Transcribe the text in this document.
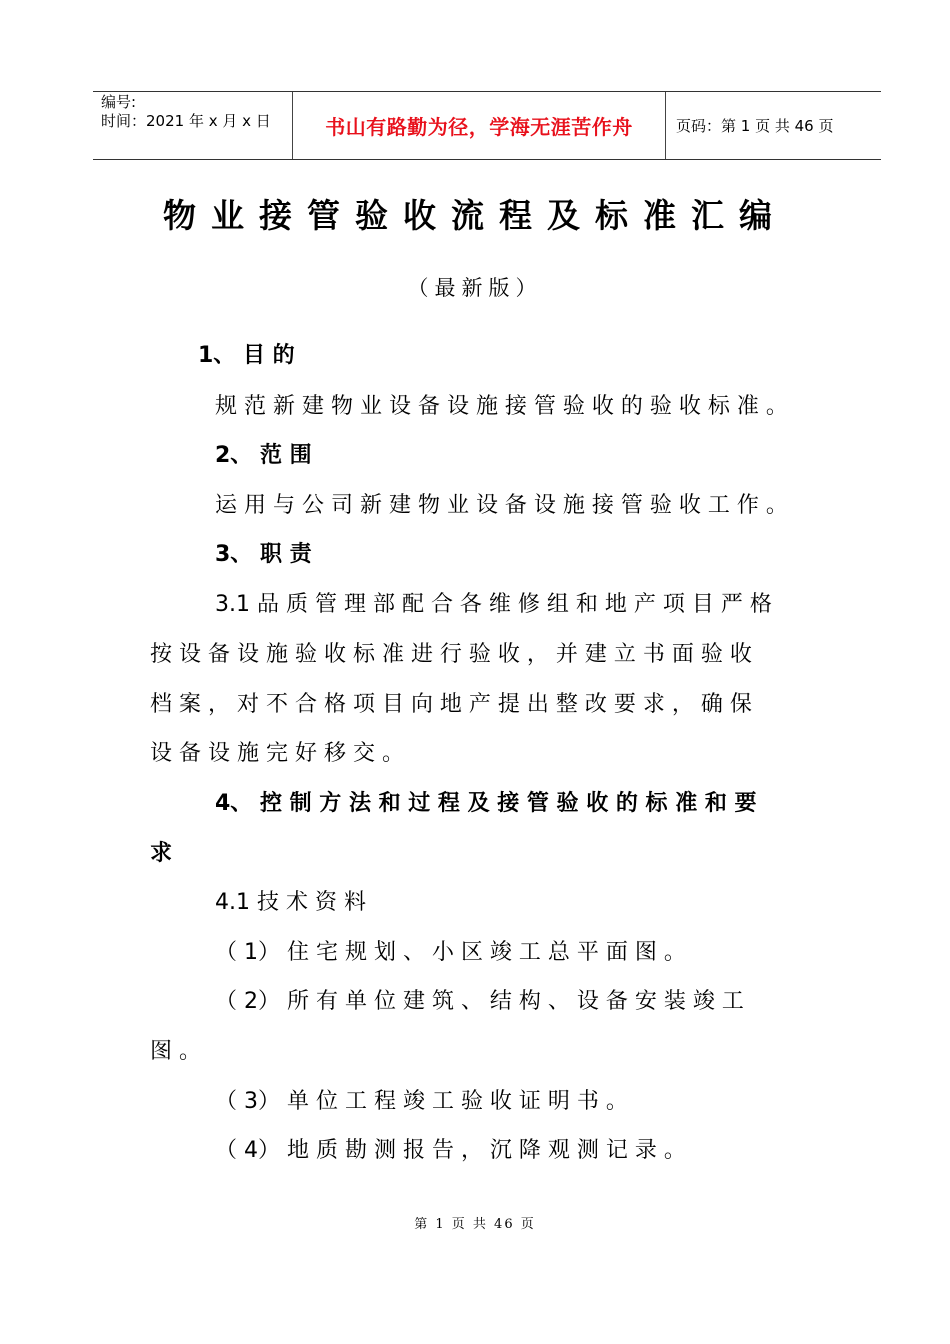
编号:
时间：2021 年 x 月 x 日	书山有路勤为径，学海无涯苦作舟	页码：第 1 页 共 46 页
物业接管验收流程及标准汇编
（最新版）
1、 目 的
规 范 新 建 物 业 设 备 设 施 接 管 验 收 的 验 收 标 准 。
2、 范 围
运 用 与 公 司 新 建 物 业 设 备 设 施 接 管 验 收 工 作 。
3、 职 责
3.1 品 质 管 理 部 配 合 各 维 修 组 和 地 产 项 目 严 格
按 设 备 设 施 验 收 标 准 进 行 验 收 ， 并 建 立 书 面 验 收
档 案 ， 对 不 合 格 项 目 向 地 产 提 出 整 改 要 求 ， 确 保
设 备 设 施 完 好 移 交 。
4、 控 制 方 法 和 过 程 及 接 管 验 收 的 标 准 和 要
求
4.1 技 术 资 料
（ 1） 住 宅 规 划 、 小 区 竣 工 总 平 面 图 。
（ 2） 所 有 单 位 建 筑 、 结 构 、 设 备 安 装 竣 工
图 。
（ 3） 单 位 工 程 竣 工 验 收 证 明 书 。
（ 4） 地 质 勘 测 报 告 ， 沉 降 观 测 记 录 。
第 1 页 共 46 页
